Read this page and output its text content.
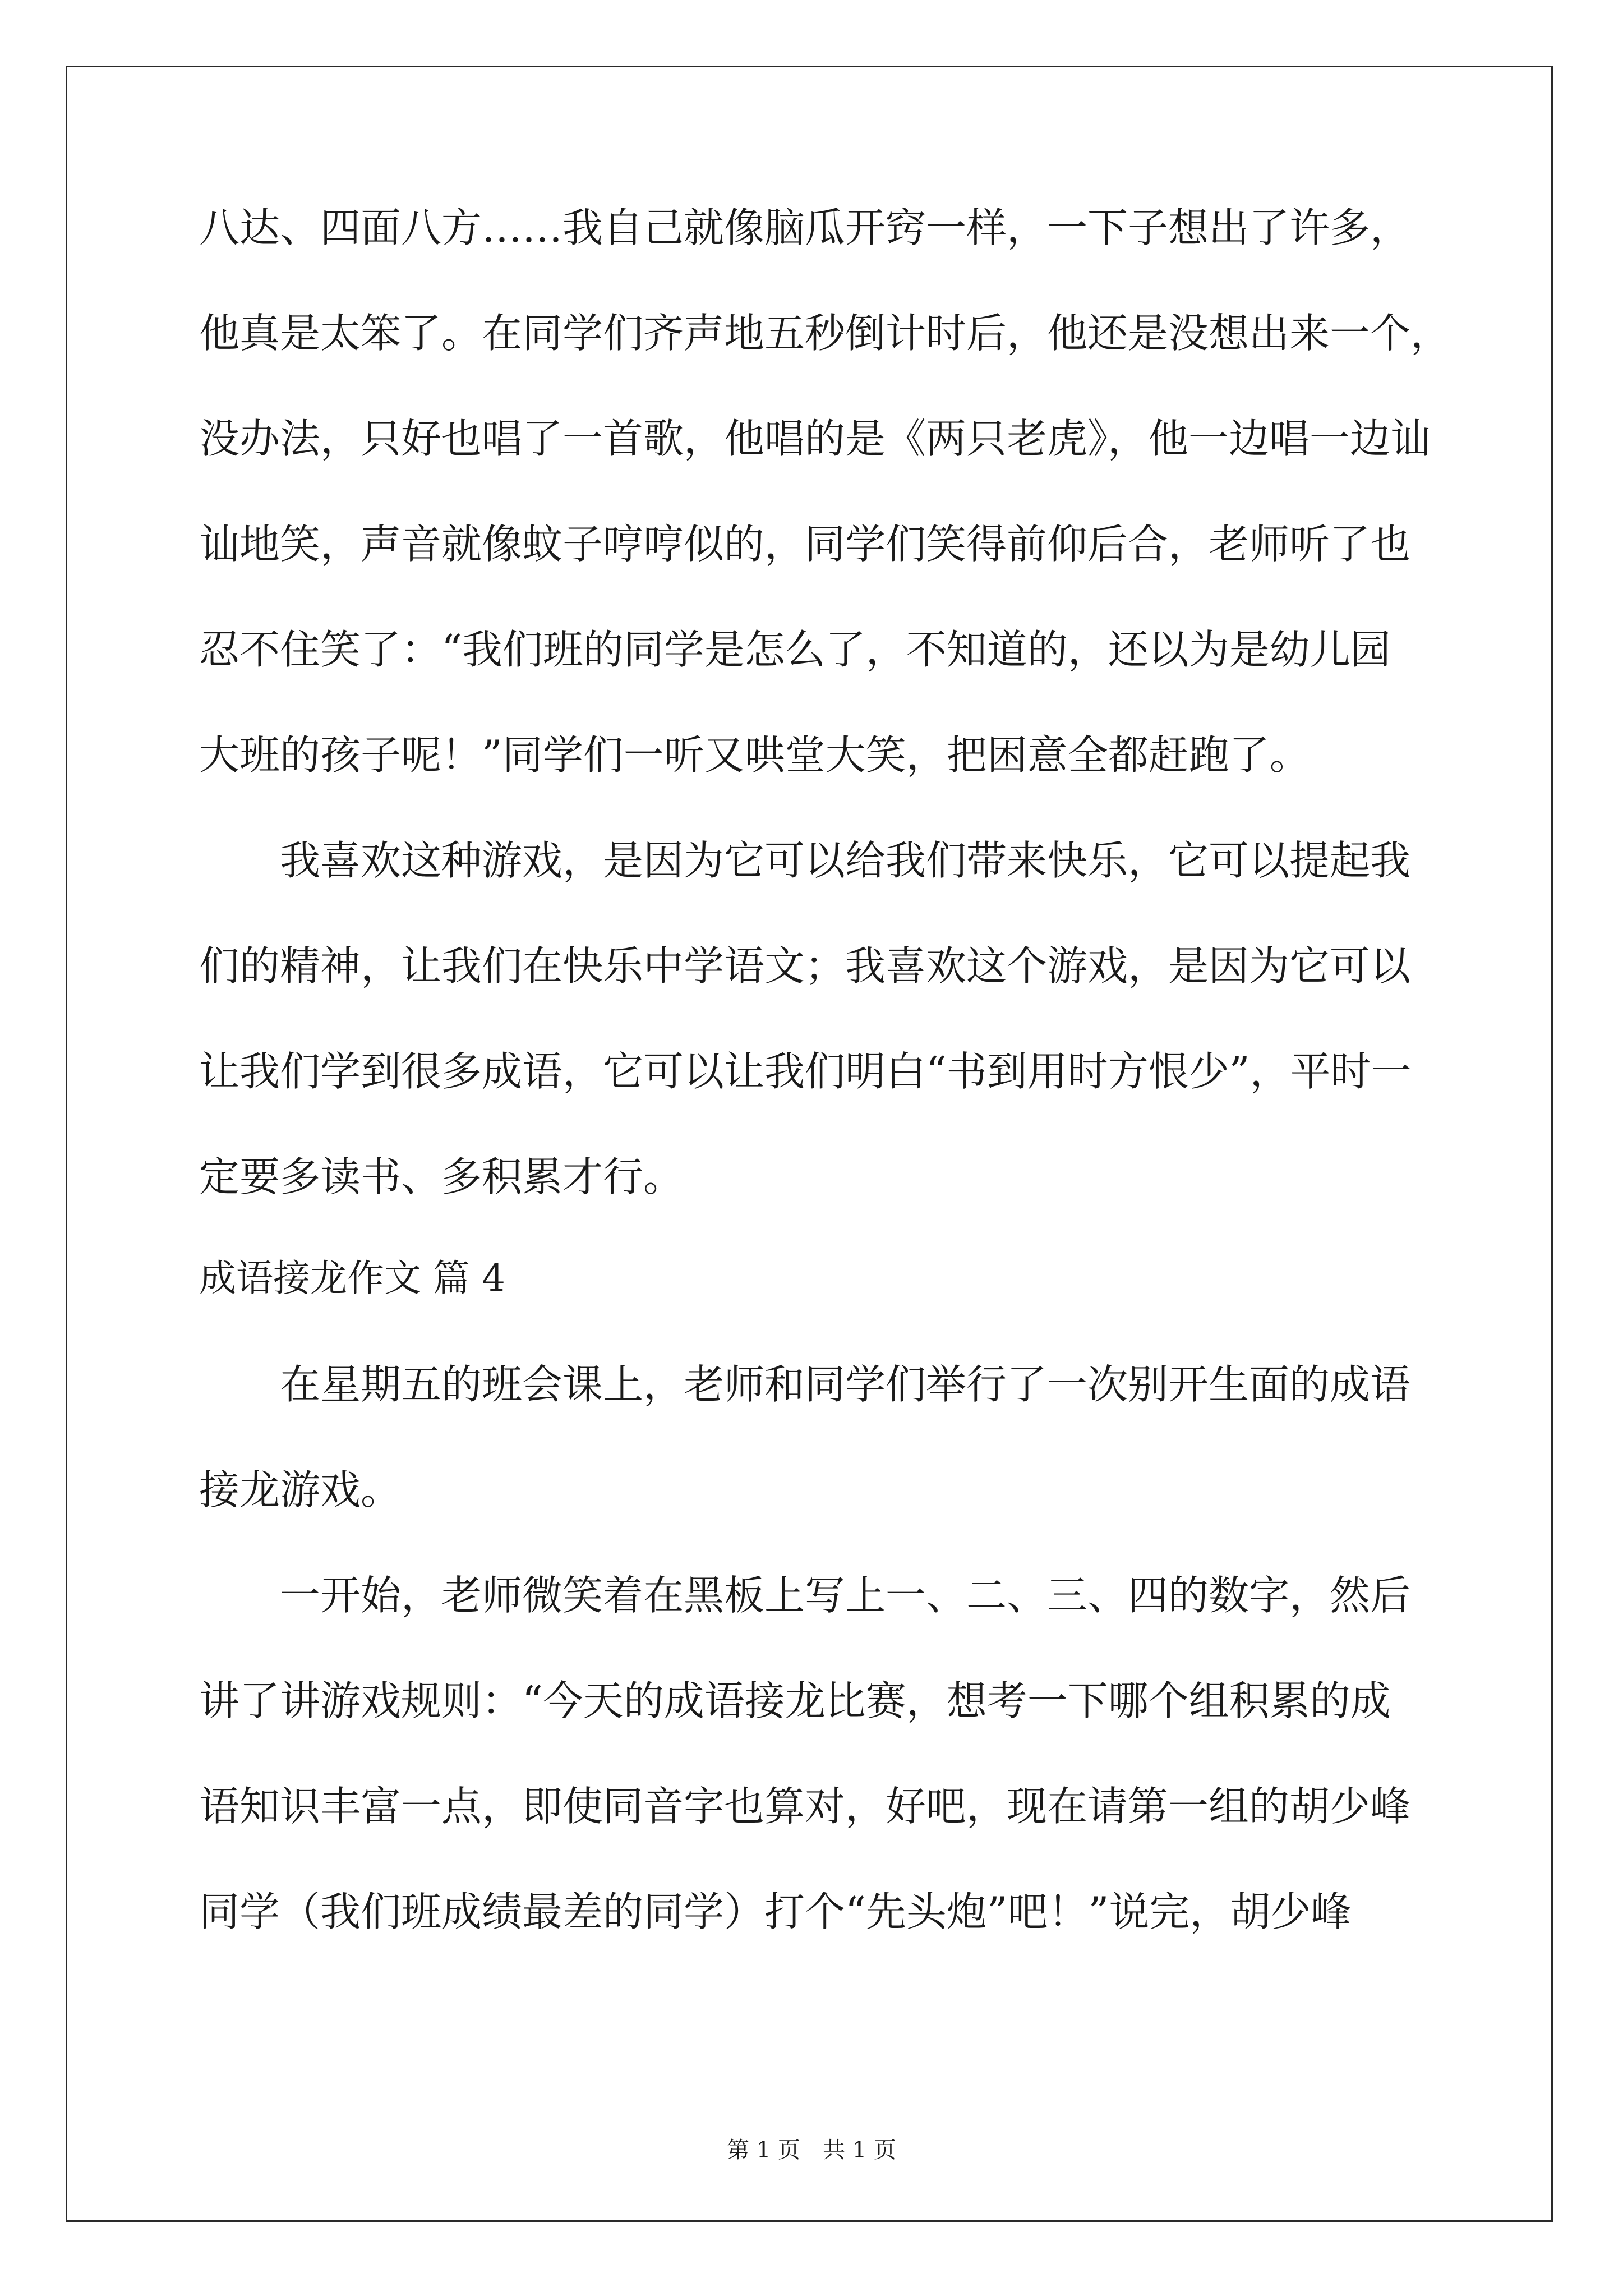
八达、四面八方……我自己就像脑瓜开窍一样，一下子想出了许多，
他真是太笨了。在同学们齐声地五秒倒计时后，他还是没想出来一个，
没办法，只好也唱了一首歌，他唱的是《两只老虎》，他一边唱一边讪
讪地笑，声音就像蚊子哼哼似的，同学们笑得前仰后合，老师听了也
忍不住笑了：“我们班的同学是怎么了，不知道的，还以为是幼儿园
大班的孩子呢！”同学们一听又哄堂大笑，把困意全都赶跑了。
我喜欢这种游戏，是因为它可以给我们带来快乐，它可以提起我
们的精神，让我们在快乐中学语文；我喜欢这个游戏，是因为它可以
让我们学到很多成语，它可以让我们明白“书到用时方恨少”，平时一
定要多读书、多积累才行。
成语接龙作文 篇 4
在星期五的班会课上，老师和同学们举行了一次别开生面的成语
接龙游戏。
一开始，老师微笑着在黑板上写上一、二、三、四的数字，然后
讲了讲游戏规则：“今天的成语接龙比赛，想考一下哪个组积累的成
语知识丰富一点，即使同音字也算对，好吧，现在请第一组的胡少峰
同学（我们班成绩最差的同学）打个“先头炮”吧！”说完，胡少峰
第 1 页　共 1 页
